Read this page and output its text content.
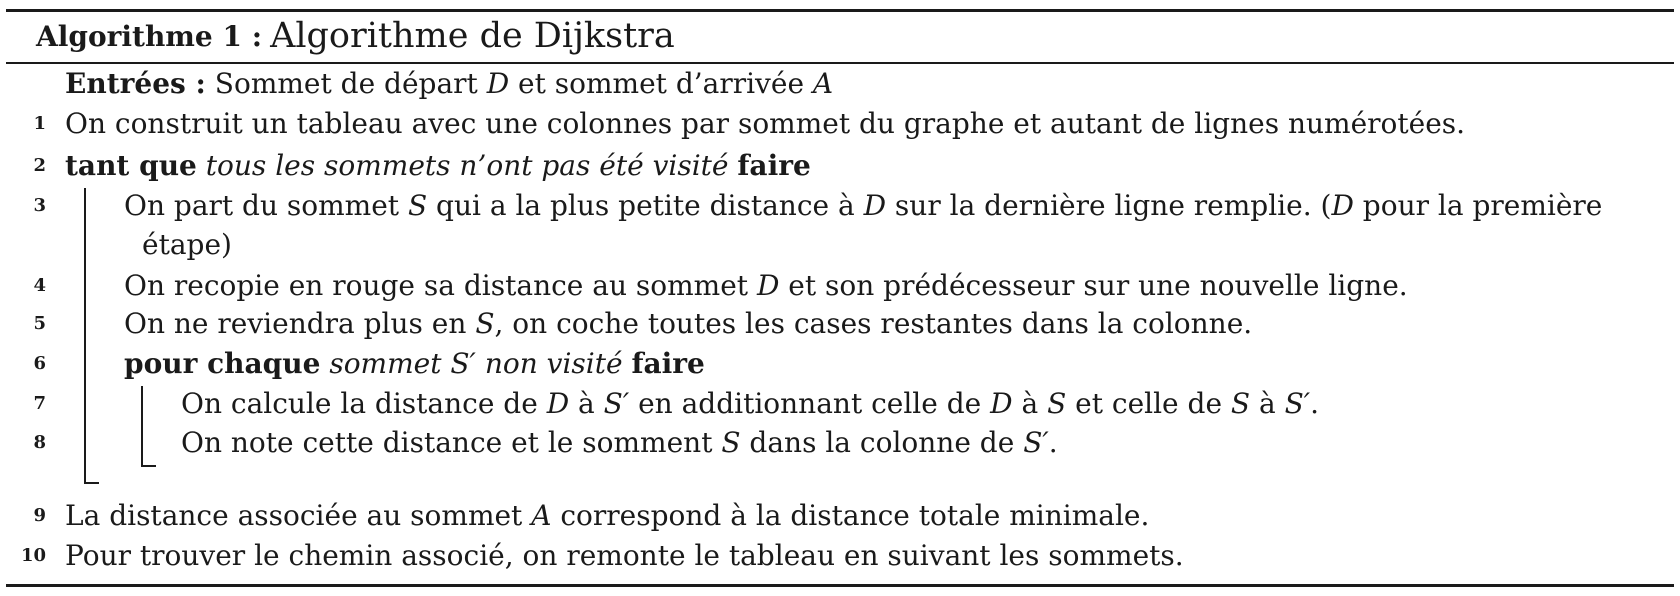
Algorithme 1 : Algorithme de Dijkstra
Entrées : Sommet de départ D et sommet d’arrivée A
1 On construit un tableau avec une colonnes par sommet du graphe et autant de lignes numérotées.
2 tant que tous les sommets n’ont pas été visité faire
3	On part du sommet S qui a la plus petite distance à D sur la dernière ligne remplie. (D pour la première
étape)
4	On recopie en rouge sa distance au sommet D et son prédécesseur sur une nouvelle ligne.
5	On ne reviendra plus en S, on coche toutes les cases restantes dans la colonne.
6	pour chaque sommet S′ non visité faire
7	On calcule la distance de D à S′ en additionnant celle de D à S et celle de S à S′.
8	On note cette distance et le somment S dans la colonne de S′.
9 La distance associée au sommet A correspond à la distance totale minimale.
10 Pour trouver le chemin associé, on remonte le tableau en suivant les sommets.
